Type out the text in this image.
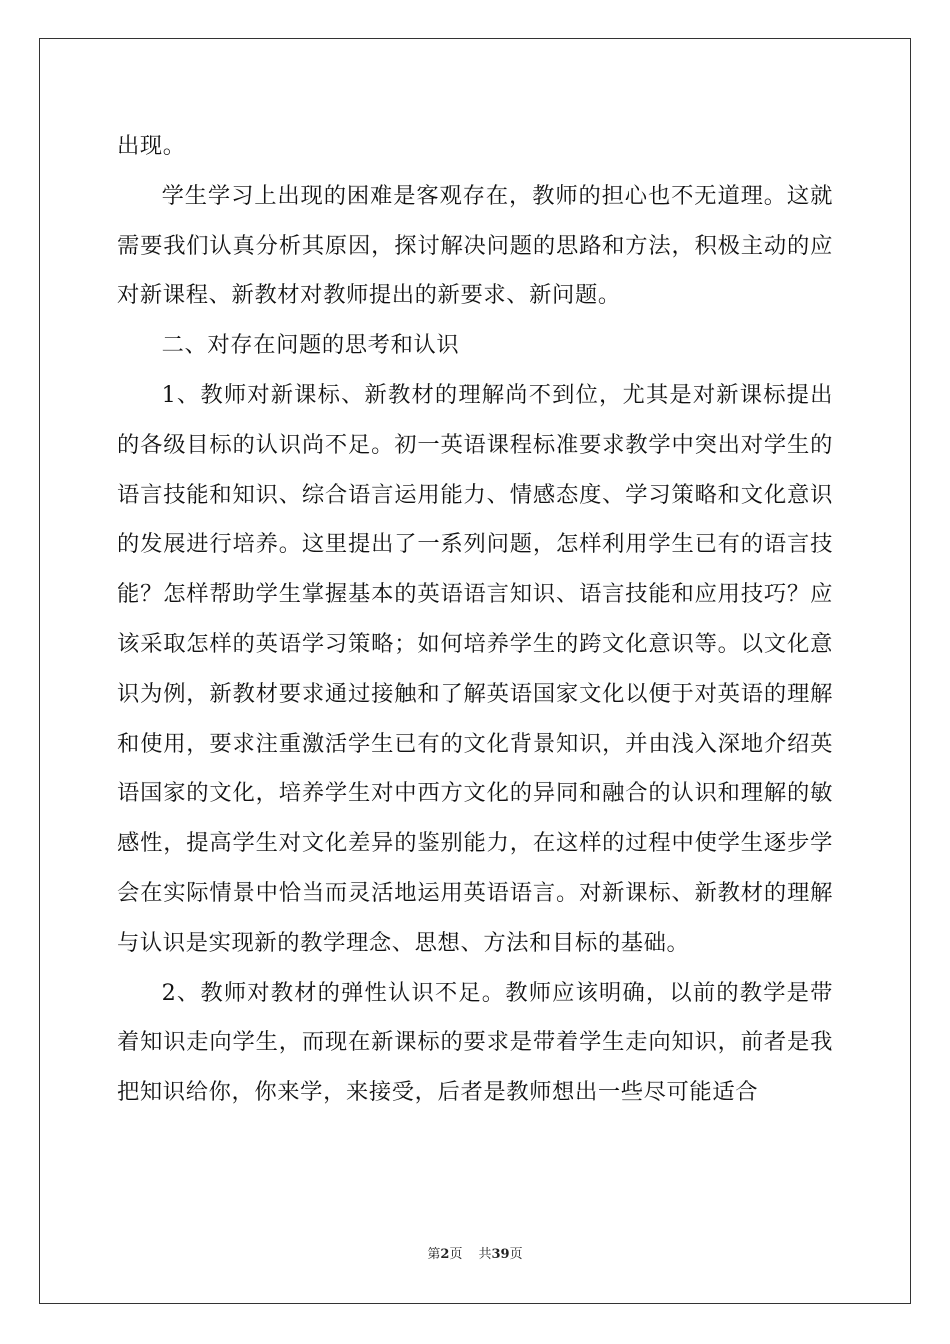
出现。

学生学习上出现的困难是客观存在，教师的担心也不无道理。这就需要我们认真分析其原因，探讨解决问题的思路和方法，积极主动的应对新课程、新教材对教师提出的新要求、新问题。

二、对存在问题的思考和认识

1、教师对新课标、新教材的理解尚不到位，尤其是对新课标提出的各级目标的认识尚不足。初一英语课程标准要求教学中突出对学生的语言技能和知识、综合语言运用能力、情感态度、学习策略和文化意识的发展进行培养。这里提出了一系列问题，怎样利用学生已有的语言技能？怎样帮助学生掌握基本的英语语言知识、语言技能和应用技巧？应该采取怎样的英语学习策略；如何培养学生的跨文化意识等。以文化意识为例，新教材要求通过接触和了解英语国家文化以便于对英语的理解和使用，要求注重激活学生已有的文化背景知识，并由浅入深地介绍英语国家的文化，培养学生对中西方文化的异同和融合的认识和理解的敏感性，提高学生对文化差异的鉴别能力，在这样的过程中使学生逐步学会在实际情景中恰当而灵活地运用英语语言。对新课标、新教材的理解与认识是实现新的教学理念、思想、方法和目标的基础。

2、教师对教材的弹性认识不足。教师应该明确，以前的教学是带着知识走向学生，而现在新课标的要求是带着学生走向知识，前者是我把知识给你，你来学，来接受，后者是教师想出一些尽可能适合

第2页 共39页
